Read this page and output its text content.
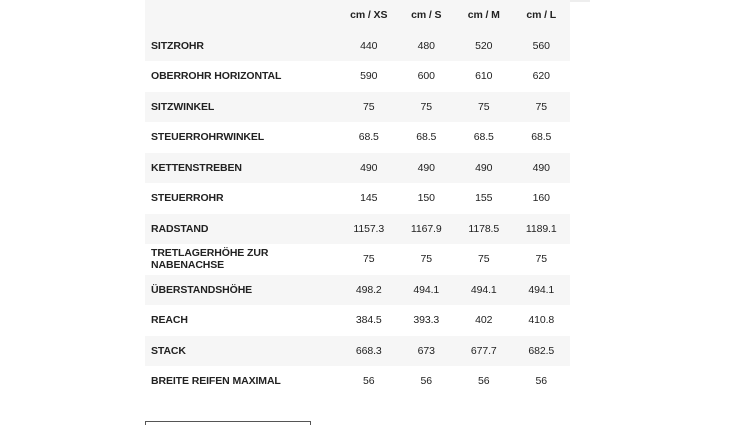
	cm / XS	cm / S	cm / M	cm / L
SITZROHR	440	480	520	560
OBERROHR HORIZONTAL	590	600	610	620
SITZWINKEL	75	75	75	75
STEUERROHRWINKEL	68.5	68.5	68.5	68.5
KETTENSTREBEN	490	490	490	490
STEUERROHR	145	150	155	160
RADSTAND	1157.3	1167.9	1178.5	1189.1
TRETLAGERHÖHE ZUR NABENACHSE	75	75	75	75
ÜBERSTANDSHÖHE	498.2	494.1	494.1	494.1
REACH	384.5	393.3	402	410.8
STACK	668.3	673	677.7	682.5
BREITE REIFEN MAXIMAL	56	56	56	56
